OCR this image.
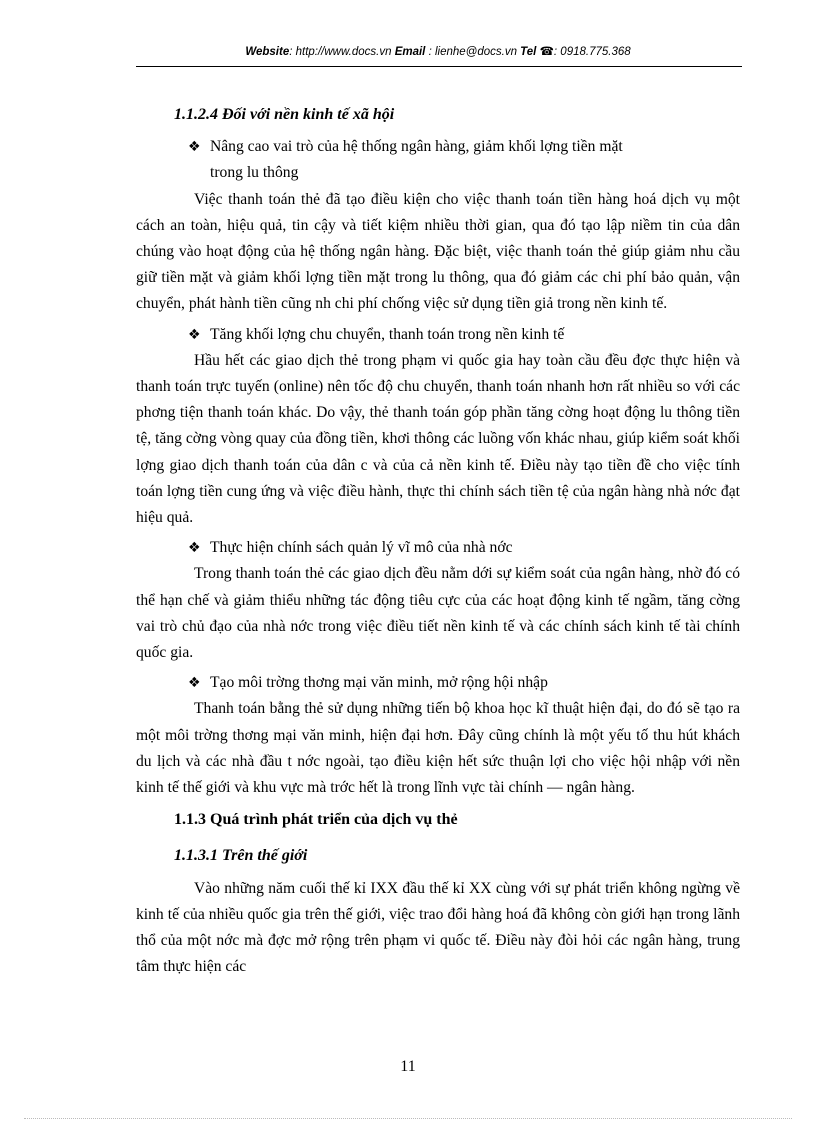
Website: http://www.docs.vn Email : lienhe@docs.vn Tel ☎: 0918.775.368
1.1.2.4 Đối với nền kinh tế xã hội
❖ Nâng cao vai trò của hệ thống ngân hàng, giảm khối lợng tiền mặt
trong lu thông

Việc thanh toán thẻ đã tạo điều kiện cho việc thanh toán tiền hàng hoá dịch vụ một cách an toàn, hiệu quả, tin cậy và tiết kiệm nhiều thời gian, qua đó tạo lập niềm tin của dân chúng vào hoạt động của hệ thống ngân hàng. Đặc biệt, việc thanh toán thẻ giúp giảm nhu cầu giữ tiền mặt và giảm khối lợng tiền mặt trong lu thông, qua đó giảm các chi phí bảo quản, vận chuyển, phát hành tiền cũng nh chi phí chống việc sử dụng tiền giả trong nền kinh tế.

❖ Tăng khối lợng chu chuyển, thanh toán trong nền kinh tế

Hầu hết các giao dịch thẻ trong phạm vi quốc gia hay toàn cầu đều đợc thực hiện và thanh toán trực tuyến (online) nên tốc độ chu chuyển, thanh toán nhanh hơn rất nhiều so với các phơng tiện thanh toán khác. Do vậy, thẻ thanh toán góp phần tăng cờng hoạt động lu thông tiền tệ, tăng cờng vòng quay của đồng tiền, khơi thông các luồng vốn khác nhau, giúp kiểm soát khối lợng giao dịch thanh toán của dân c và của cả nền kinh tế. Điều này tạo tiền đề cho việc tính toán lợng tiền cung ứng và việc điều hành, thực thi chính sách tiền tệ của ngân hàng nhà nớc đạt hiệu quả.

❖ Thực hiện chính sách quản lý vĩ mô của nhà nớc

Trong thanh toán thẻ các giao dịch đều nằm dới sự kiểm soát của ngân hàng, nhờ đó có thể hạn chế và giảm thiểu những tác động tiêu cực của các hoạt động kinh tế ngầm, tăng cờng vai trò chủ đạo của nhà nớc trong việc điều tiết nền kinh tế và các chính sách kinh tế tài chính quốc gia.

❖ Tạo môi trờng thơng mại văn minh, mở rộng hội nhập

Thanh toán bằng thẻ sử dụng những tiến bộ khoa học kĩ thuật hiện đại, do đó sẽ tạo ra một môi trờng thơng mại văn minh, hiện đại hơn. Đây cũng chính là một yếu tố thu hút khách du lịch và các nhà đầu t nớc ngoài, tạo điều kiện hết sức thuận lợi cho việc hội nhập với nền kinh tế thế giới và khu vực mà trớc hết là trong lĩnh vực tài chính — ngân hàng.

1.1.3 Quá trình phát triển của dịch vụ thẻ
1.1.3.1 Trên thế giới

Vào những năm cuối thế kỉ IXX đầu thế kỉ XX cùng với sự phát triển không ngừng về kinh tế của nhiều quốc gia trên thế giới, việc trao đổi hàng hoá đã không còn giới hạn trong lãnh thổ của một nớc mà đợc mở rộng trên phạm vi quốc tế. Điều này đòi hỏi các ngân hàng, trung tâm thực hiện các

11
